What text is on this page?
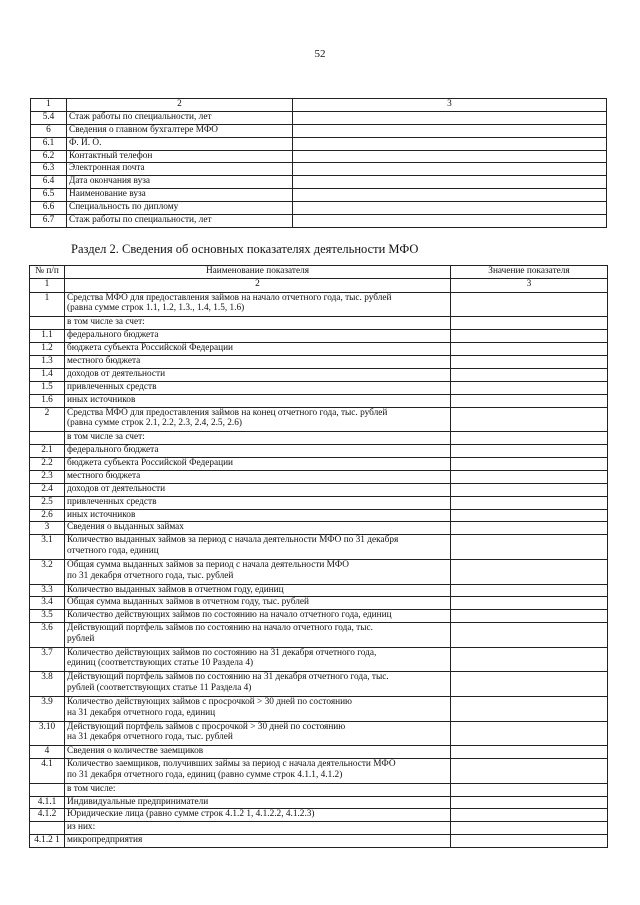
52
1	2	3
5.4	Стаж работы по специальности, лет	
6	Сведения о главном бухгалтере МФО	
6.1	Ф. И. О.	
6.2	Контактный телефон	
6.3	Электронная почта	
6.4	Дата окончания вуза	
6.5	Наименование вуза	
6.6	Специальность по диплому	
6.7	Стаж работы по специальности, лет	
Раздел 2. Сведения об основных показателях деятельности МФО
№ п/п	Наименование показателя	Значение показателя
1	2	3
1	Средства МФО для предоставления займов на начало отчетного года, тыс. рублей
(равна сумме строк 1.1, 1.2, 1.3., 1.4, 1.5, 1.6)	

	в том числе за счет:	

1.1	федерального бюджета	

1.2	бюджета субъекта Российской Федерации	

1.3	местного бюджета	

1.4	доходов от деятельности	

1.5	привлеченных средств	

1.6	иных источников	

2	Средства МФО для предоставления займов на конец отчетного года, тыс. рублей
(равна сумме строк 2.1, 2.2, 2.3, 2.4, 2.5, 2.6)	

	в том числе за счет:	

2.1	федерального бюджета	

2.2	бюджета субъекта Российской Федерации	

2.3	местного бюджета	

2.4	доходов от деятельности	

2.5	привлеченных средств	

2.6	иных источников	

3	Сведения о выданных займах	

3.1	Количество выданных займов за период с начала деятельности МФО по 31 декабря
отчетного года, единиц	

3.2	Общая сумма выданных займов за период с начала деятельности МФО
по 31 декабря отчетного года, тыс. рублей	

3.3	Количество выданных займов в отчетном году, единиц	

3.4	Общая сумма выданных займов в отчетном году, тыс. рублей	

3.5	Количество действующих займов по состоянию на начало отчетного года, единиц	

3.6	Действующий портфель займов по состоянию на начало отчетного года, тыс.
рублей	

3.7	Количество действующих займов по состоянию на 31 декабря отчетного года,
единиц (соответствующих статье 10 Раздела 4)	

3.8	Действующий портфель займов по состоянию на 31 декабря отчетного года, тыс.
рублей (соответствующих статье 11 Раздела 4)	

3.9	Количество действующих займов с просрочкой > 30 дней по состоянию
на 31 декабря отчетного года, единиц	

3.10	Действующий портфель займов с просрочкой > 30 дней по состоянию
на 31 декабря отчетного года, тыс. рублей	

4	Сведения о количестве заемщиков	

4.1	Количество заемщиков, получивших займы за период с начала деятельности МФО
по 31 декабря отчетного года, единиц (равно сумме строк 4.1.1, 4.1.2)	

	в том числе:	

4.1.1	Индивидуальные предприниматели	

4.1.2	Юридические лица (равно сумме строк 4.1.2 1, 4.1.2.2, 4.1.2.3)	

	из них:	

4.1.2 1	микропредприятия	
